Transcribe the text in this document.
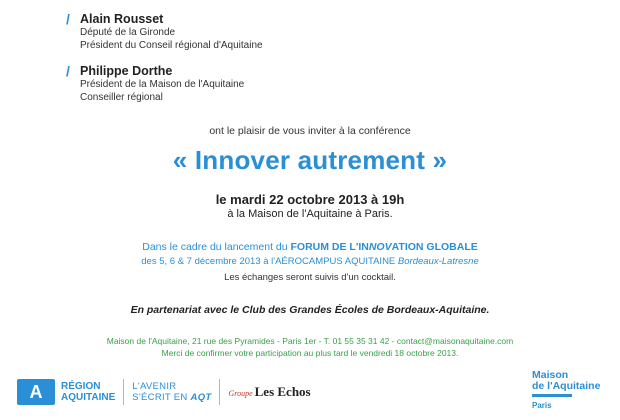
/ Alain Rousset
Député de la Gironde
Président du Conseil régional d'Aquitaine
/ Philippe Dorthe
Président de la Maison de l'Aquitaine
Conseiller régional
ont le plaisir de vous inviter à la conférence
« Innover autrement »
le mardi 22 octobre 2013 à 19h
à la Maison de l'Aquitaine à Paris.
Dans le cadre du lancement du FORUM DE L'INNOVATION GLOBALE
des 5, 6 & 7 décembre 2013 à l'AÉROCAMPUS AQUITAINE Bordeaux-Latresne
Les échanges seront suivis d'un cocktail.
En partenariat avec le Club des Grandes Écoles de Bordeaux-Aquitaine.
Maison de l'Aquitaine, 21 rue des Pyramides - Paris 1er - T. 01 55 35 31 42 - contact@maisonaquitaine.com
Merci de confirmer votre participation au plus tard le vendredi 18 octobre 2013.
A	RÉGION
AQUITAINE
L'AVENIR
S'ÉCRIT EN AQT Groupe Les Echos
Maison
de l'Aquitaine
Paris
